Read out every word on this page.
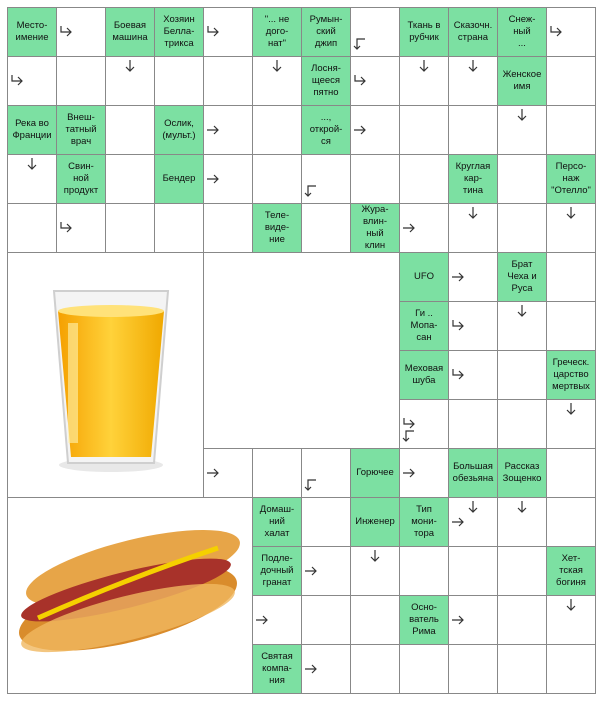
Место-
имение
Боевая
машина
Хозяин
Белла-
трикса
"... не
дого-
нат"
Румын-
ский
джип
Ткань в
рубчик
Сказочн.
страна
Снеж-
ный
...
Лосня-
щееся
пятно
Женское
имя
Река во
Франции
Внеш-
татный
врач
Ослик,
(мульт.)
...,
открой-
ся
Свин-
ной
продукт
Бендер
Круглая
кар-
тина
Персо-
наж
"Отелло"
Теле-
виде-
ние
Жура-
влин-
ный
клин
UFO
Брат
Чеха и
Руса
Ги ..
Мопа-
сан
Меховая
шуба
Греческ.
царство
мертвых
Горючее
Большая
обезьяна
Рассказ
Зощенко
Домаш-
ний
халат
Инженер
Тип
мони-
тора
Подле-
дочный
гранат
Хет-
тская
богиня
Осно-
ватель
Рима
Святая
компа-
ния
